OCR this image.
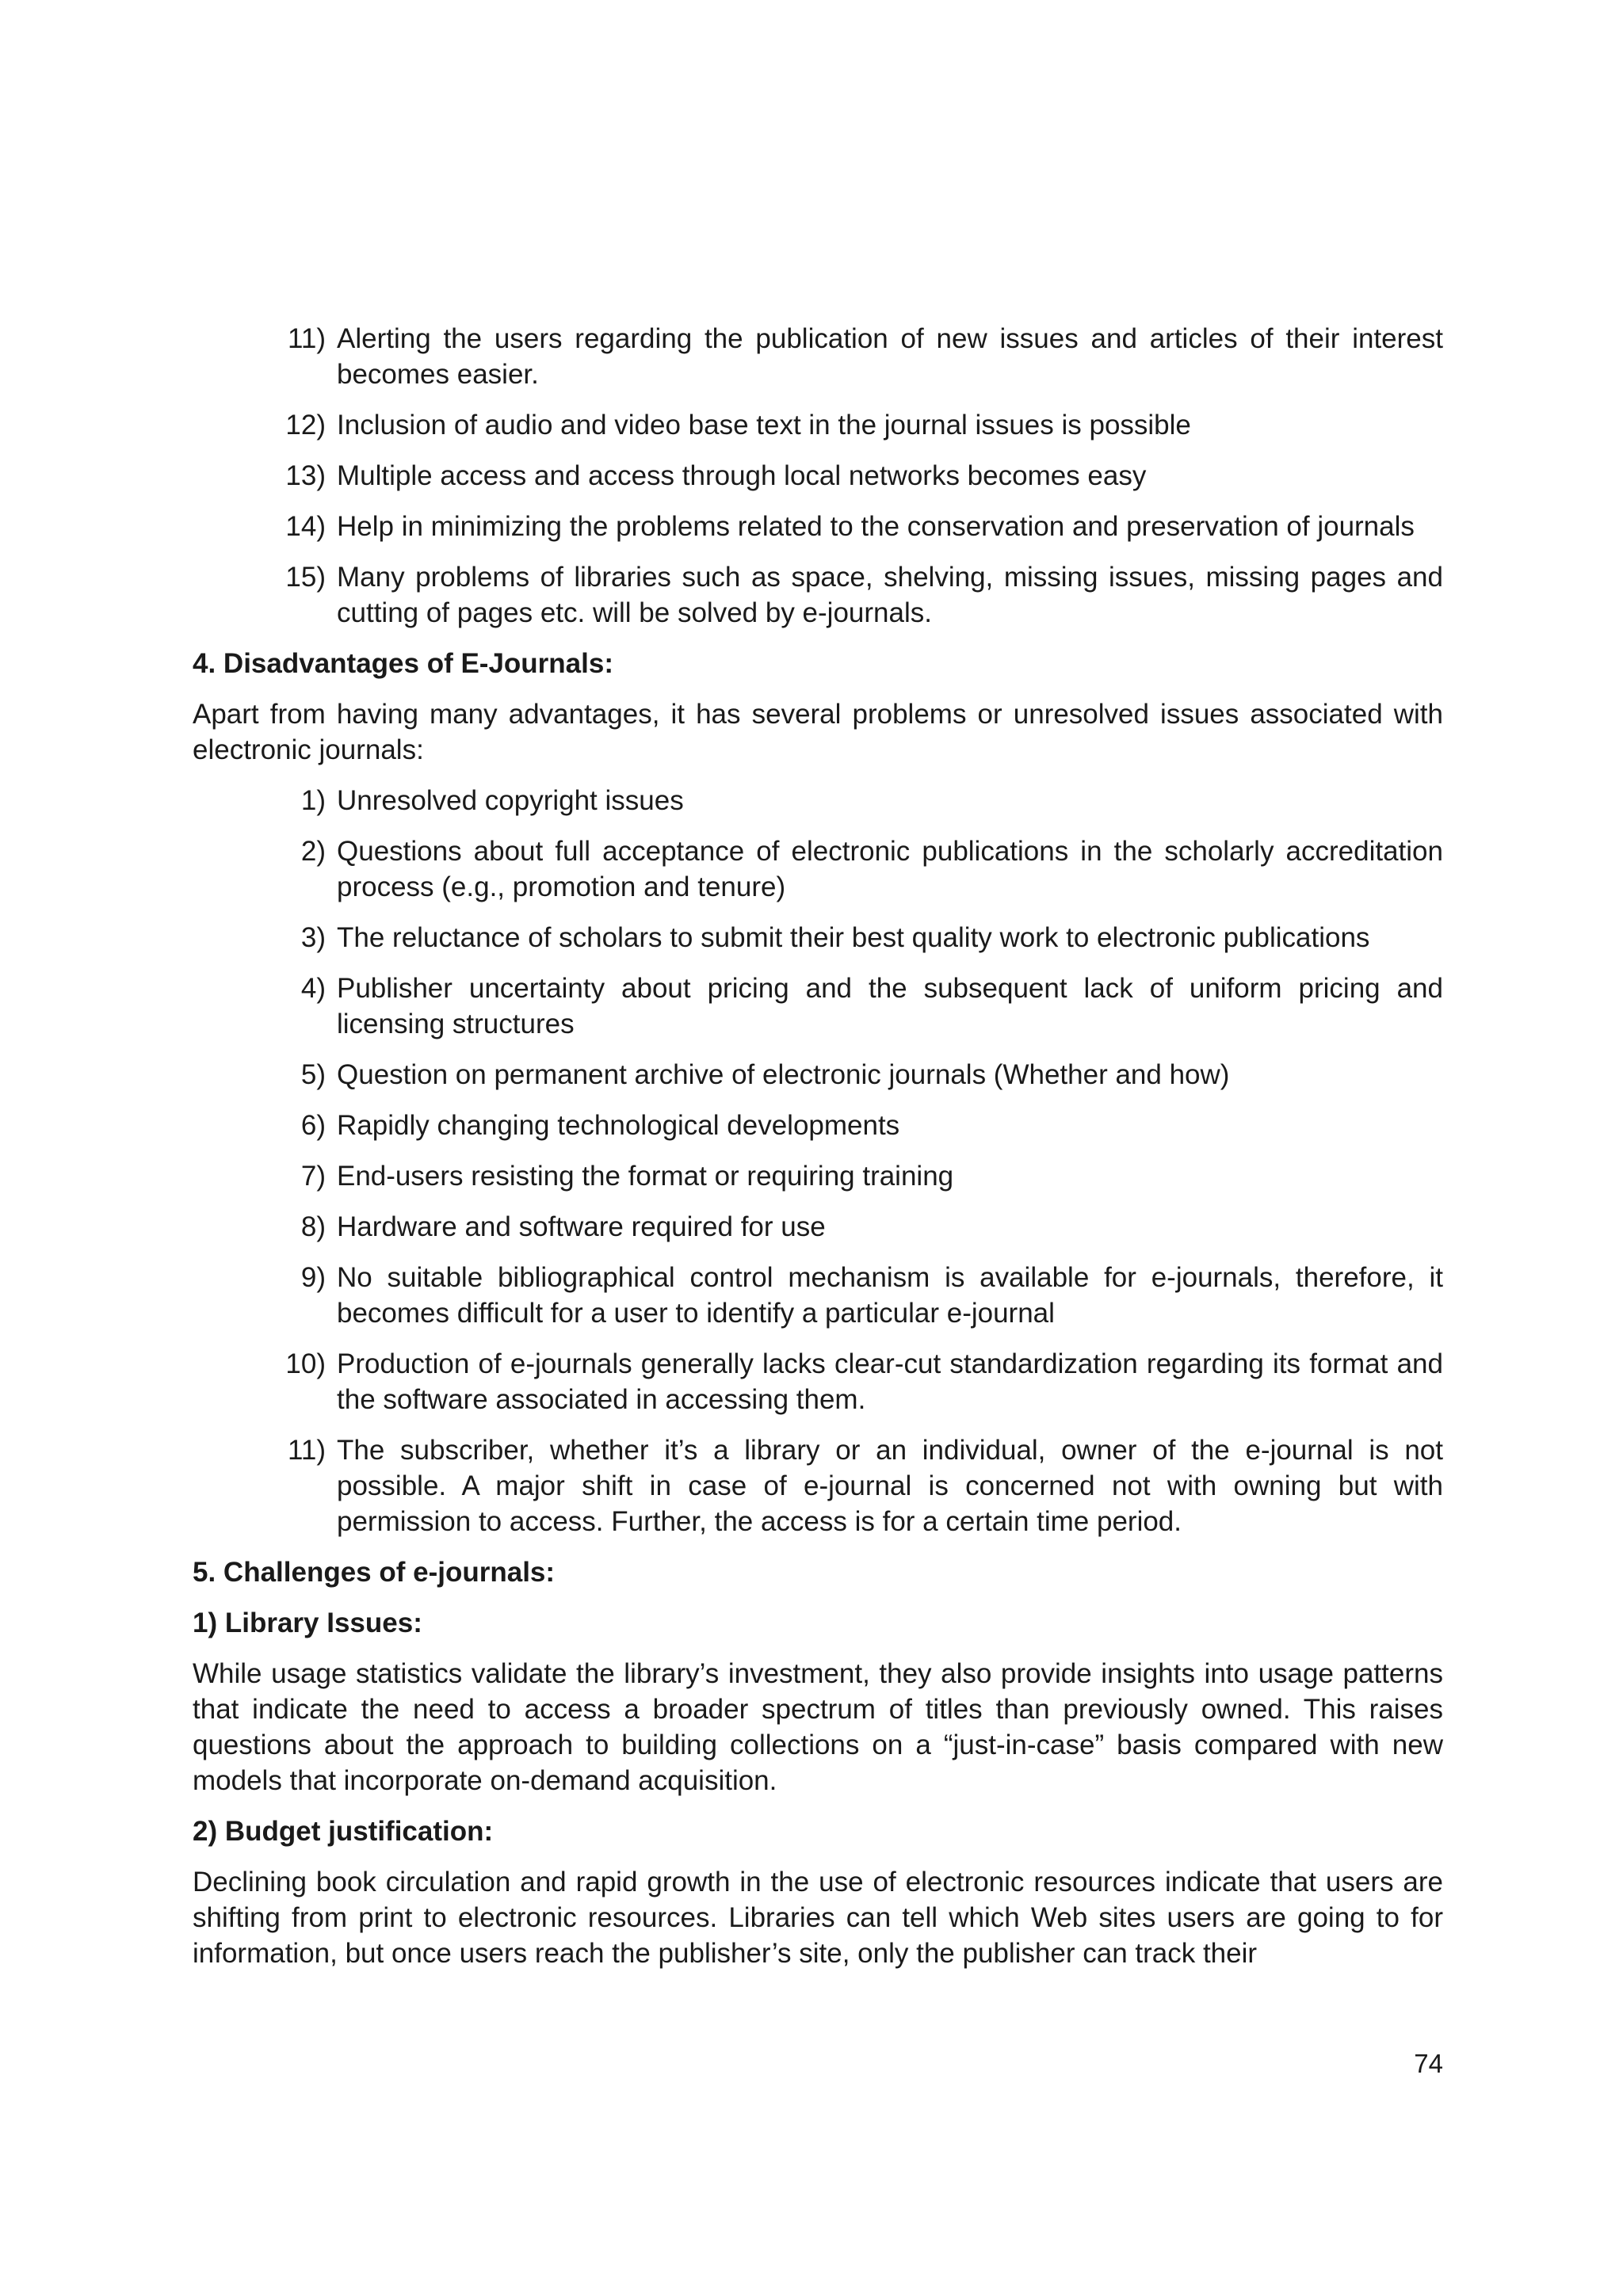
11) Alerting the users regarding the publication of new issues and articles of their interest becomes easier.
12) Inclusion of audio and video base text in the journal issues is possible
13) Multiple access and access through local networks becomes easy
14) Help in minimizing the problems related to the conservation and preservation of journals
15) Many problems of libraries such as space, shelving, missing issues, missing pages and cutting of pages etc. will be solved by e-journals.
4. Disadvantages of E-Journals:
Apart from having many advantages, it has several problems or unresolved issues associated with electronic journals:
1) Unresolved copyright issues
2) Questions about full acceptance of electronic publications in the scholarly accreditation process (e.g., promotion and tenure)
3) The reluctance of scholars to submit their best quality work to electronic publications
4) Publisher uncertainty about pricing and the subsequent lack of uniform pricing and licensing structures
5) Question on permanent archive of electronic journals (Whether and how)
6) Rapidly changing technological developments
7) End-users resisting the format or requiring training
8) Hardware and software required for use
9) No suitable bibliographical control mechanism is available for e-journals, therefore, it becomes difficult for a user to identify a particular e-journal
10) Production of e-journals generally lacks clear-cut standardization regarding its format and the software associated in accessing them.
11) The subscriber, whether it’s a library or an individual, owner of the e-journal is not possible. A major shift in case of e-journal is concerned not with owning but with permission to access. Further, the access is for a certain time period.
5. Challenges of e-journals:
1) Library Issues:
While usage statistics validate the library’s investment, they also provide insights into usage patterns that indicate the need to access a broader spectrum of titles than previously owned. This raises questions about the approach to building collections on a “just-in-case” basis compared with new models that incorporate on-demand acquisition.
2) Budget justification:
Declining book circulation and rapid growth in the use of electronic resources indicate that users are shifting from print to electronic resources. Libraries can tell which Web sites users are going to for information, but once users reach the publisher’s site, only the publisher can track their
74
